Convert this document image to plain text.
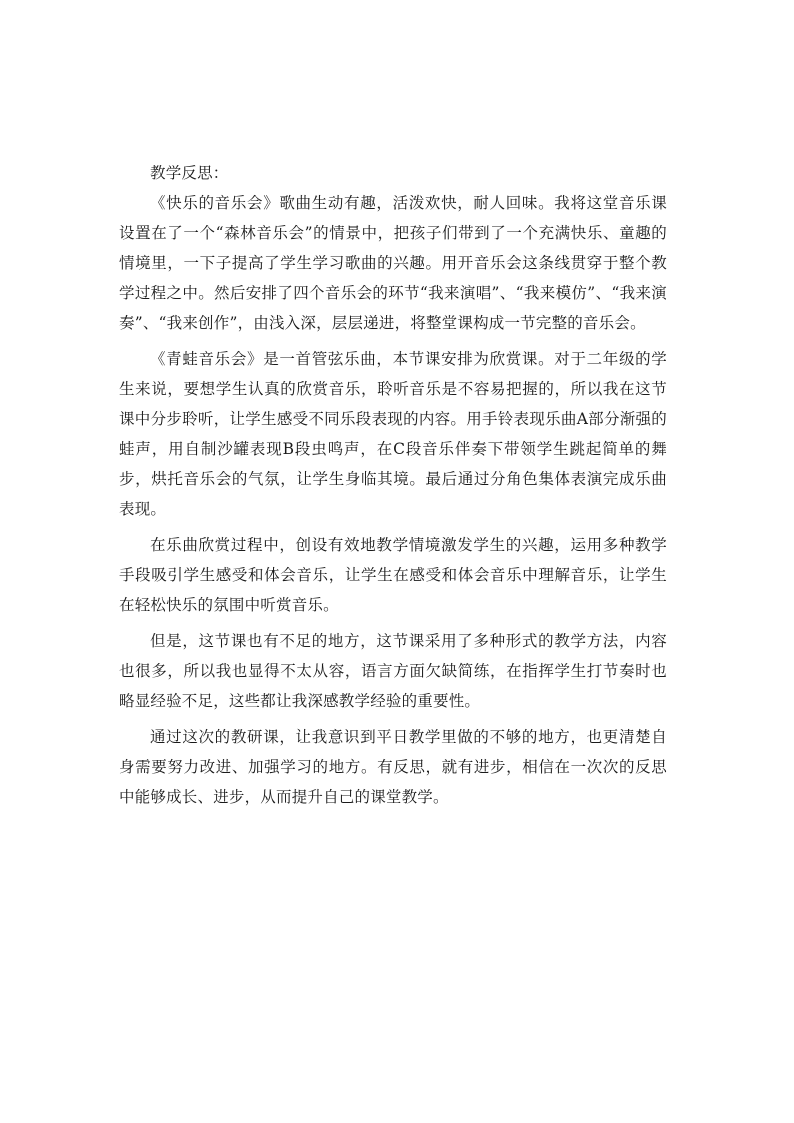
教学反思：

《快乐的音乐会》歌曲生动有趣，活泼欢快，耐人回味。我将这堂音乐课设置在了一个“森林音乐会”的情景中，把孩子们带到了一个充满快乐、童趣的情境里，一下子提高了学生学习歌曲的兴趣。用开音乐会这条线贯穿于整个教学过程之中。然后安排了四个音乐会的环节“我来演唱”、“我来模仿”、“我来演奏”、“我来创作”，由浅入深，层层递进，将整堂课构成一节完整的音乐会。

《青蛙音乐会》是一首管弦乐曲，本节课安排为欣赏课。对于二年级的学生来说，要想学生认真的欣赏音乐，聆听音乐是不容易把握的，所以我在这节课中分步聆听，让学生感受不同乐段表现的内容。用手铃表现乐曲A部分渐强的蛙声，用自制沙罐表现B段虫鸣声，在C段音乐伴奏下带领学生跳起简单的舞步，烘托音乐会的气氛，让学生身临其境。最后通过分角色集体表演完成乐曲表现。

在乐曲欣赏过程中，创设有效地教学情境激发学生的兴趣，运用多种教学手段吸引学生感受和体会音乐，让学生在感受和体会音乐中理解音乐，让学生在轻松快乐的氛围中听赏音乐。

但是，这节课也有不足的地方，这节课采用了多种形式的教学方法，内容也很多，所以我也显得不太从容，语言方面欠缺简练，在指挥学生打节奏时也略显经验不足，这些都让我深感教学经验的重要性。

通过这次的教研课，让我意识到平日教学里做的不够的地方，也更清楚自身需要努力改进、加强学习的地方。有反思，就有进步，相信在一次次的反思中能够成长、进步，从而提升自己的课堂教学。
